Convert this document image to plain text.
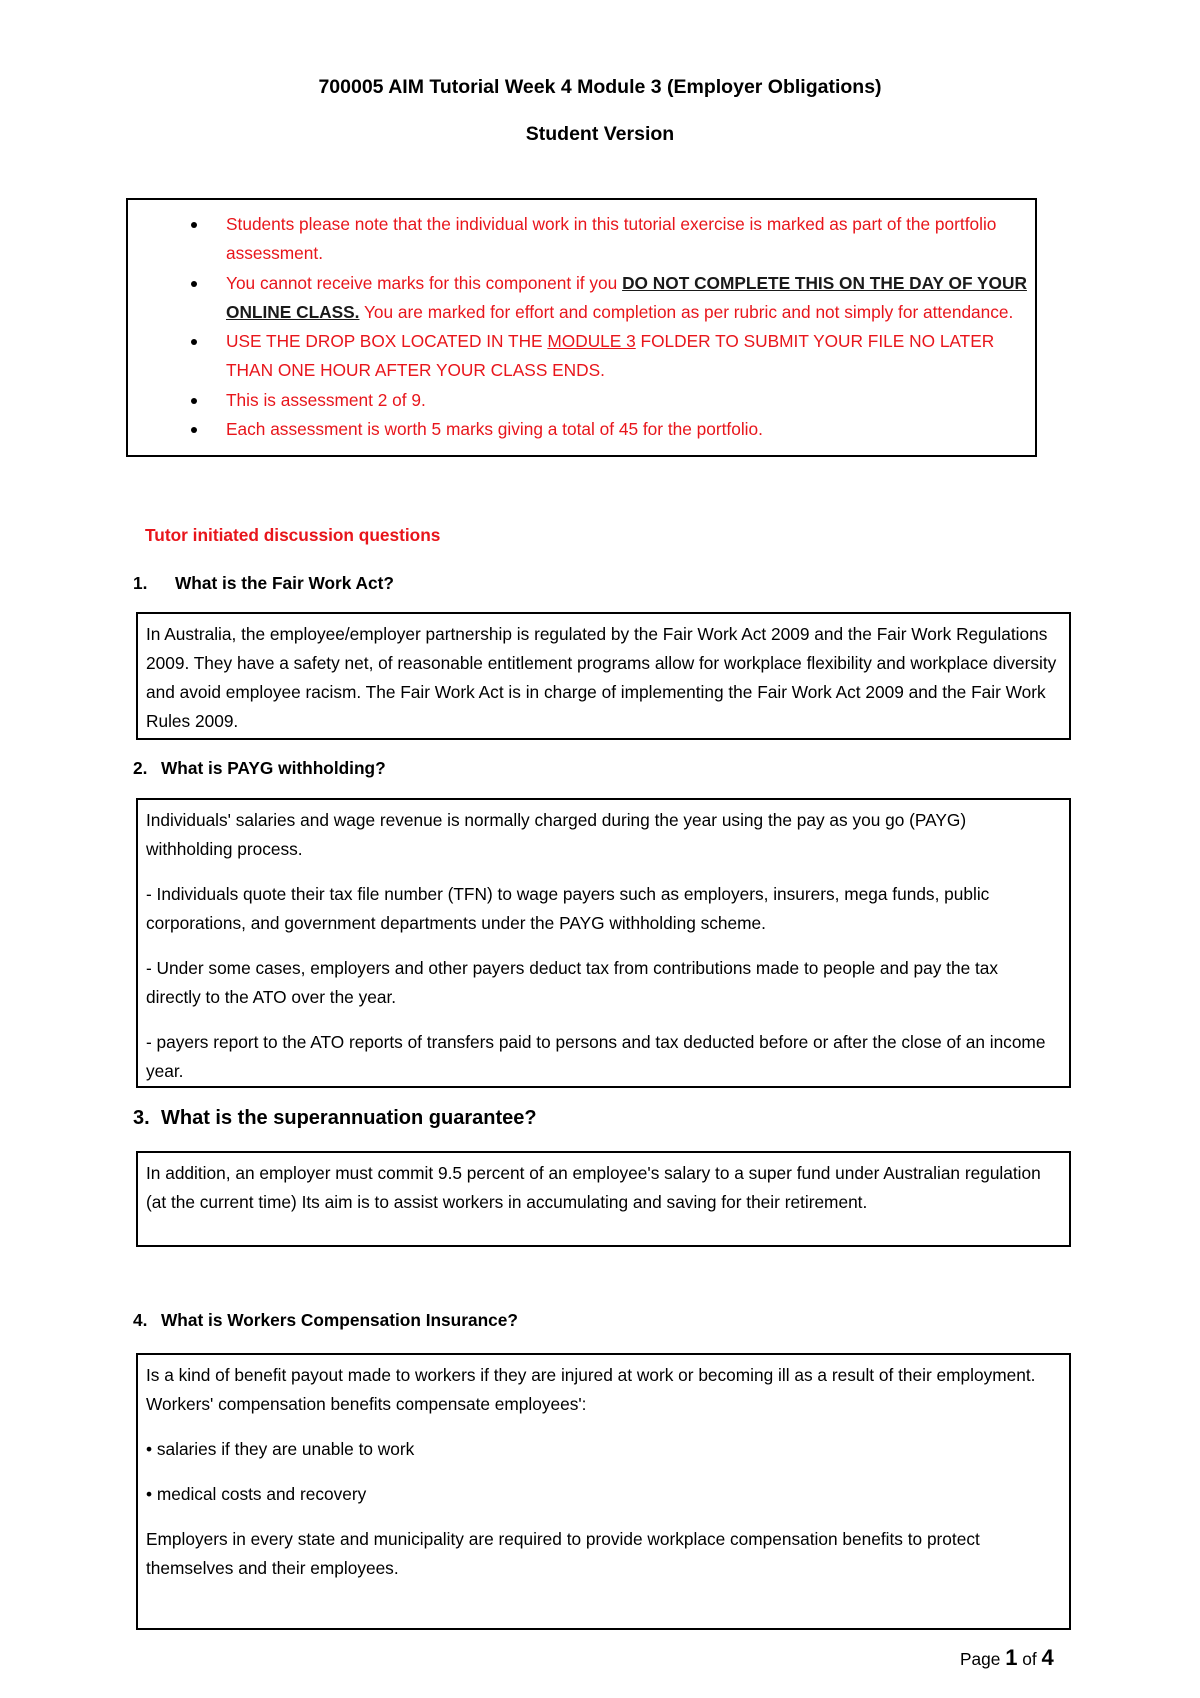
700005 AIM Tutorial Week 4 Module 3 (Employer Obligations)
Student Version
Students please note that the individual work in this tutorial exercise is marked as part of the portfolio assessment.
You cannot receive marks for this component if you DO NOT COMPLETE THIS ON THE DAY OF YOUR ONLINE CLASS. You are marked for effort and completion as per rubric and not simply for attendance.
USE THE DROP BOX LOCATED IN THE MODULE 3 FOLDER TO SUBMIT YOUR FILE NO LATER THAN ONE HOUR AFTER YOUR CLASS ENDS.
This is assessment 2 of 9.
Each assessment is worth 5 marks giving a total of 45 for the portfolio.
Tutor initiated discussion questions
1. What is the Fair Work Act?

In Australia, the employee/employer partnership is regulated by the Fair Work Act 2009 and the Fair Work Regulations 2009. They have a safety net, of reasonable entitlement programs allow for workplace flexibility and workplace diversity and avoid employee racism. The Fair Work Act is in charge of implementing the Fair Work Act 2009 and the Fair Work Rules 2009.

2. What is PAYG withholding?

Individuals' salaries and wage revenue is normally charged during the year using the pay as you go (PAYG) withholding process.

- Individuals quote their tax file number (TFN) to wage payers such as employers, insurers, mega funds, public corporations, and government departments under the PAYG withholding scheme.

- Under some cases, employers and other payers deduct tax from contributions made to people and pay the tax directly to the ATO over the year.

- payers report to the ATO reports of transfers paid to persons and tax deducted before or after the close of an income year.

3. What is the superannuation guarantee?

In addition, an employer must commit 9.5 percent of an employee's salary to a super fund under Australian regulation (at the current time) Its aim is to assist workers in accumulating and saving for their retirement.

4. What is Workers Compensation Insurance?

Is a kind of benefit payout made to workers if they are injured at work or becoming ill as a result of their employment. Workers' compensation benefits compensate employees':

• salaries if they are unable to work

• medical costs and recovery

Employers in every state and municipality are required to provide workplace compensation benefits to protect themselves and their employees.

Page 1 of 4
